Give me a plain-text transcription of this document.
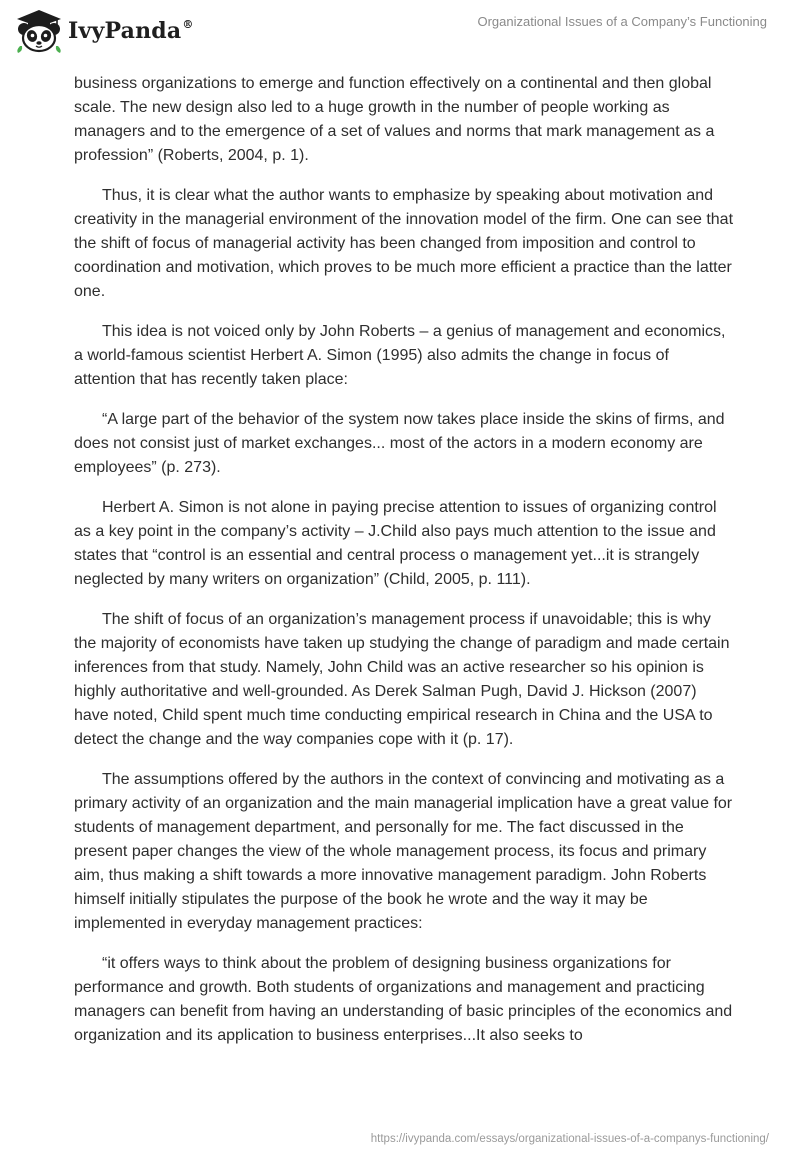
IvyPanda®	Organizational Issues of a Company’s Functioning

business organizations to emerge and function effectively on a continental and then global scale. The new design also led to a huge growth in the number of people working as managers and to the emergence of a set of values and norms that mark management as a profession” (Roberts, 2004, p. 1).

Thus, it is clear what the author wants to emphasize by speaking about motivation and creativity in the managerial environment of the innovation model of the firm. One can see that the shift of focus of managerial activity has been changed from imposition and control to coordination and motivation, which proves to be much more efficient a practice than the latter one.

This idea is not voiced only by John Roberts – a genius of management and economics, a world-famous scientist Herbert A. Simon (1995) also admits the change in focus of attention that has recently taken place:

“A large part of the behavior of the system now takes place inside the skins of firms, and does not consist just of market exchanges... most of the actors in a modern economy are employees” (p. 273).

Herbert A. Simon is not alone in paying precise attention to issues of organizing control as a key point in the company’s activity – J.Child also pays much attention to the issue and states that “control is an essential and central process o management yet...it is strangely neglected by many writers on organization” (Child, 2005, p. 111).

The shift of focus of an organization’s management process if unavoidable; this is why the majority of economists have taken up studying the change of paradigm and made certain inferences from that study. Namely, John Child was an active researcher so his opinion is highly authoritative and well-grounded. As Derek Salman Pugh, David J. Hickson (2007) have noted, Child spent much time conducting empirical research in China and the USA to detect the change and the way companies cope with it (p. 17).

The assumptions offered by the authors in the context of convincing and motivating as a primary activity of an organization and the main managerial implication have a great value for students of management department, and personally for me. The fact discussed in the present paper changes the view of the whole management process, its focus and primary aim, thus making a shift towards a more innovative management paradigm. John Roberts himself initially stipulates the purpose of the book he wrote and the way it may be implemented in everyday management practices:

“it offers ways to think about the problem of designing business organizations for performance and growth. Both students of organizations and management and practicing managers can benefit from having an understanding of basic principles of the economics and organization and its application to business enterprises...It also seeks to

https://ivypanda.com/essays/organizational-issues-of-a-companys-functioning/
